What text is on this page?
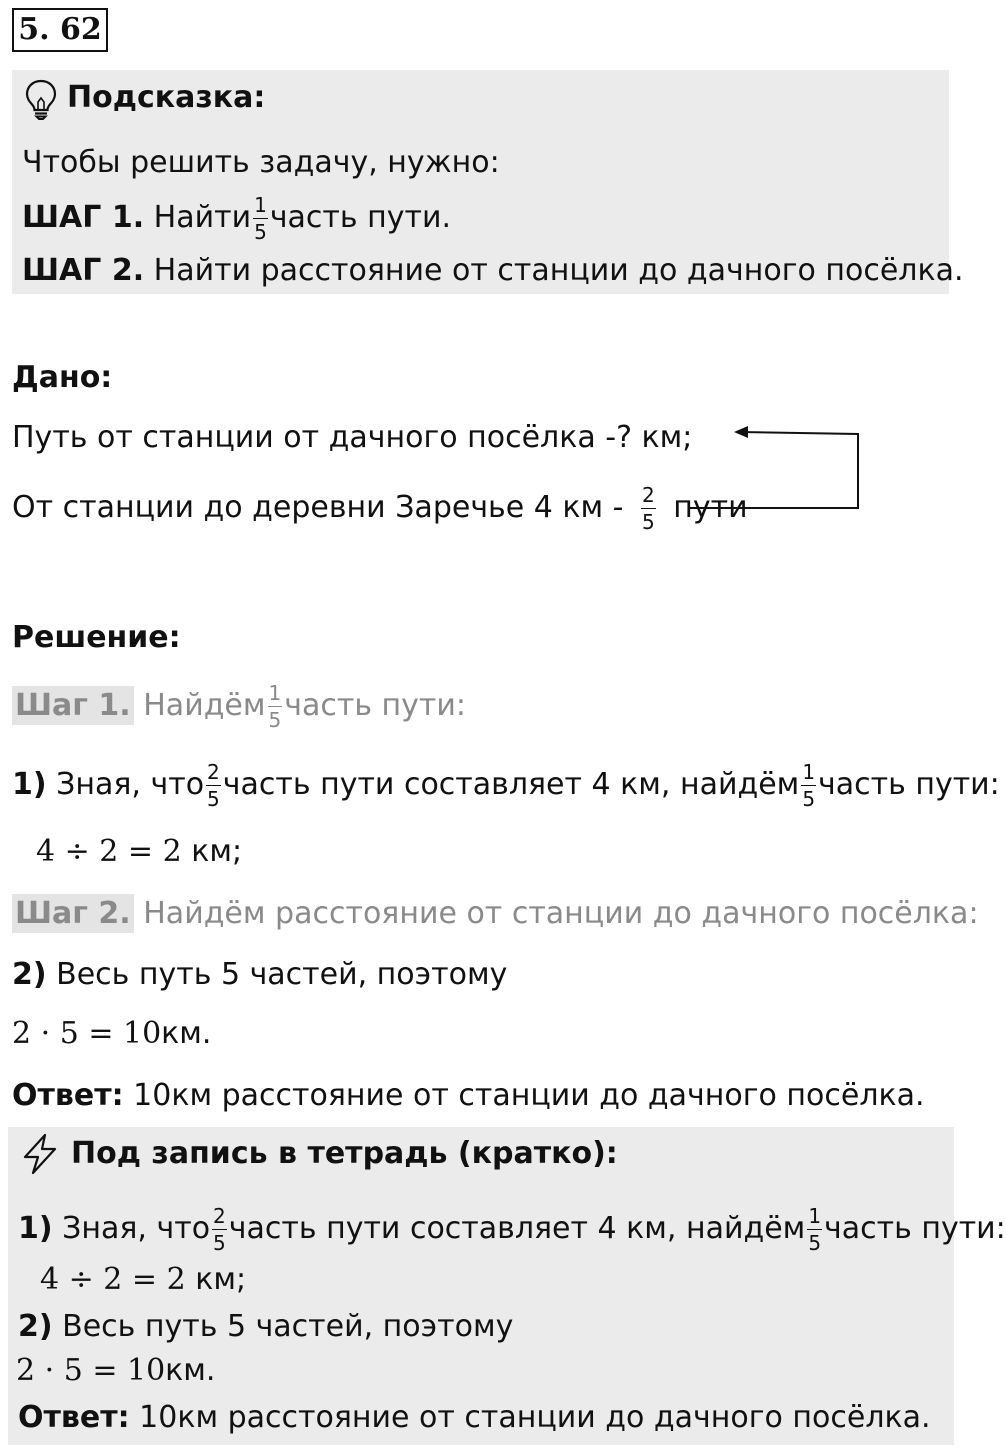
5. 62
Подсказка:
Чтобы решить задачу, нужно:
ШАГ 1. Найти $\frac{1}{5}$ часть пути.
ШАГ 2. Найти расстояние от станции до дачного посёлка.
Дано:
Путь от станции от дачного посёлка -? км;
От станции до деревни Заречье 4 км - $\frac{2}{5}$ пути
Решение:
Шаг 1. Найдём $\frac{1}{5}$ часть пути:
1) Зная, что $\frac{2}{5}$ часть пути составляет 4 км, найдём $\frac{1}{5}$ часть пути:
4 ÷ 2 = 2 км;
Шаг 2. Найдём расстояние от станции до дачного посёлка:
2) Весь путь 5 частей, поэтому
2 · 5 = 10км.
Ответ: 10км расстояние от станции до дачного посёлка.
Под запись в тетрадь (кратко):
1) Зная, что $\frac{2}{5}$ часть пути составляет 4 км, найдём $\frac{1}{5}$ часть пути:
4 ÷ 2 = 2 км;
2) Весь путь 5 частей, поэтому
2 · 5 = 10км.
Ответ: 10км расстояние от станции до дачного посёлка.
